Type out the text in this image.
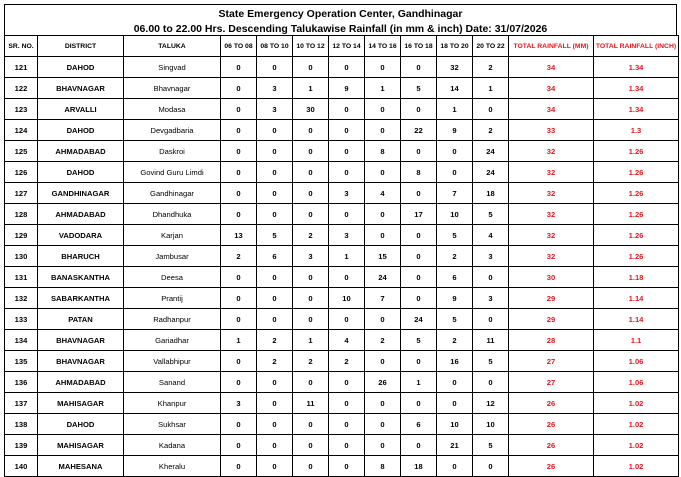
State Emergency Operation Center, Gandhinagar
06.00 to 22.00 Hrs. Descending Talukawise Rainfall (in mm & inch) Date: 31/07/2026
SR. NO.	DISTRICT	TALUKA	06 TO 08	08 TO 10	10 TO 12	12 TO 14	14 TO 16	16 TO 18	18 TO 20	20 TO 22	TOTAL RAINFALL (MM)	TOTAL RAINFALL (INCH)
121	DAHOD	Singvad	0	0	0	0	0	0	32	2	34	1.34
122	BHAVNAGAR	Bhavnagar	0	3	1	9	1	5	14	1	34	1.34
123	ARVALLI	Modasa	0	3	30	0	0	0	1	0	34	1.34
124	DAHOD	Devgadbaria	0	0	0	0	0	22	9	2	33	1.3
125	AHMADABAD	Daskroi	0	0	0	0	8	0	0	24	32	1.26
126	DAHOD	Govind Guru Limdi	0	0	0	0	0	8	0	24	32	1.26
127	GANDHINAGAR	Gandhinagar	0	0	0	3	4	0	7	18	32	1.26
128	AHMADABAD	Dhandhuka	0	0	0	0	0	17	10	5	32	1.26
129	VADODARA	Karjan	13	5	2	3	0	0	5	4	32	1.26
130	BHARUCH	Jambusar	2	6	3	1	15	0	2	3	32	1.26
131	BANASKANTHA	Deesa	0	0	0	0	24	0	6	0	30	1.18
132	SABARKANTHA	Prantij	0	0	0	10	7	0	9	3	29	1.14
133	PATAN	Radhanpur	0	0	0	0	0	24	5	0	29	1.14
134	BHAVNAGAR	Gariadhar	1	2	1	4	2	5	2	11	28	1.1
135	BHAVNAGAR	Vallabhipur	0	2	2	2	0	0	16	5	27	1.06
136	AHMADABAD	Sanand	0	0	0	0	26	1	0	0	27	1.06
137	MAHISAGAR	Khanpur	3	0	11	0	0	0	0	12	26	1.02
138	DAHOD	Sukhsar	0	0	0	0	0	6	10	10	26	1.02
139	MAHISAGAR	Kadana	0	0	0	0	0	0	21	5	26	1.02
140	MAHESANA	Kheralu	0	0	0	0	8	18	0	0	26	1.02
